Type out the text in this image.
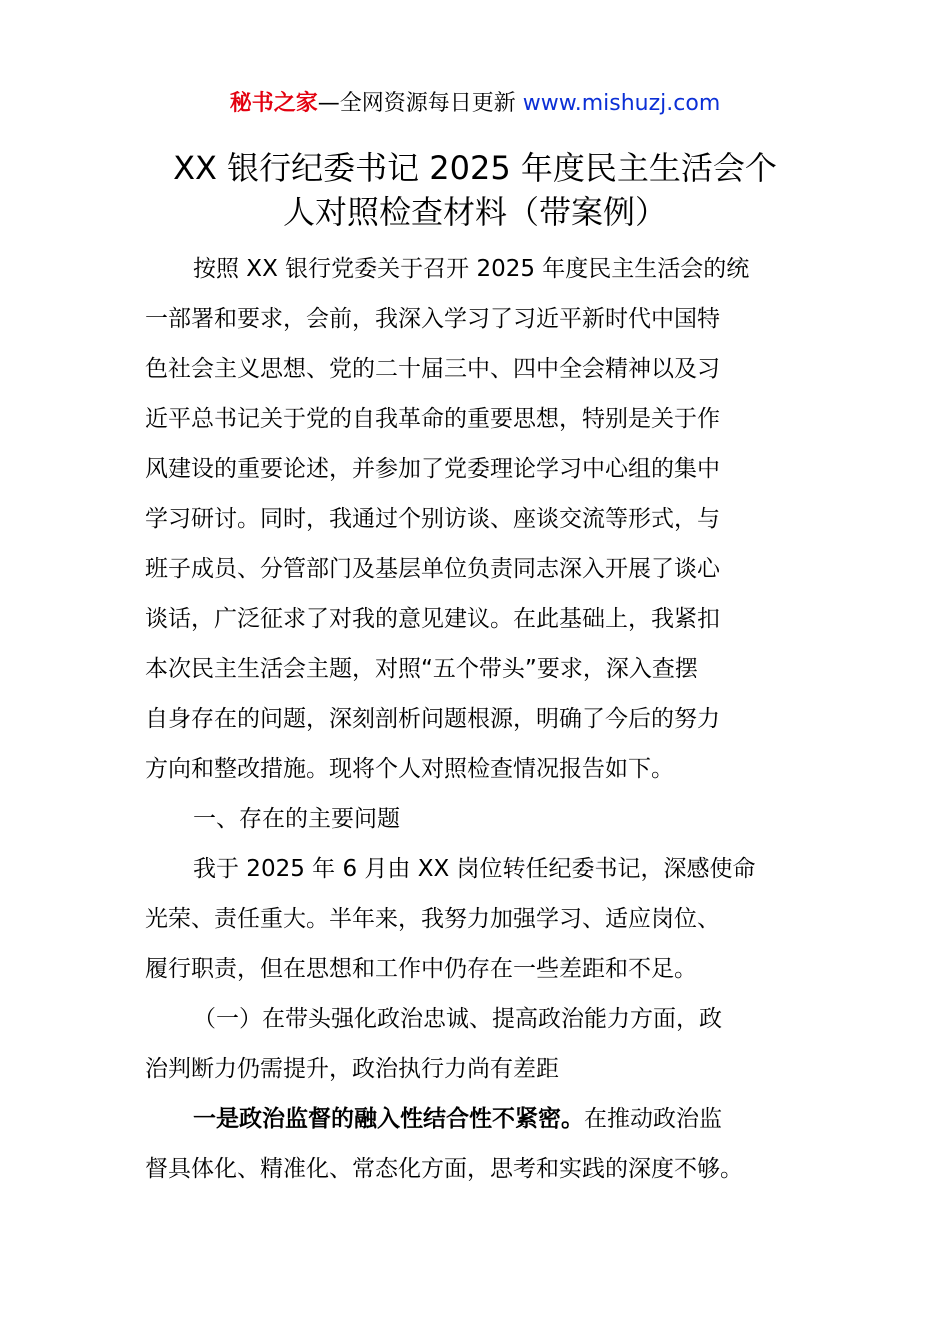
秘书之家—全网资源每日更新 www.mishuzj.com
XX 银行纪委书记 2025 年度民主生活会个
人对照检查材料（带案例）

按照 XX 银行党委关于召开 2025 年度民主生活会的统
一部署和要求，会前，我深入学习了习近平新时代中国特
色社会主义思想、党的二十届三中、四中全会精神以及习
近平总书记关于党的自我革命的重要思想，特别是关于作
风建设的重要论述，并参加了党委理论学习中心组的集中
学习研讨。同时，我通过个别访谈、座谈交流等形式，与
班子成员、分管部门及基层单位负责同志深入开展了谈心
谈话，广泛征求了对我的意见建议。在此基础上，我紧扣
本次民主生活会主题，对照“五个带头”要求，深入查摆
自身存在的问题，深刻剖析问题根源，明确了今后的努力
方向和整改措施。现将个人对照检查情况报告如下。

一、存在的主要问题

我于 2025 年 6 月由 XX 岗位转任纪委书记，深感使命
光荣、责任重大。半年来，我努力加强学习、适应岗位、
履行职责，但在思想和工作中仍存在一些差距和不足。

（一）在带头强化政治忠诚、提高政治能力方面，政
治判断力仍需提升，政治执行力尚有差距

一是政治监督的融入性结合性不紧密。在推动政治监
督具体化、精准化、常态化方面，思考和实践的深度不够。
